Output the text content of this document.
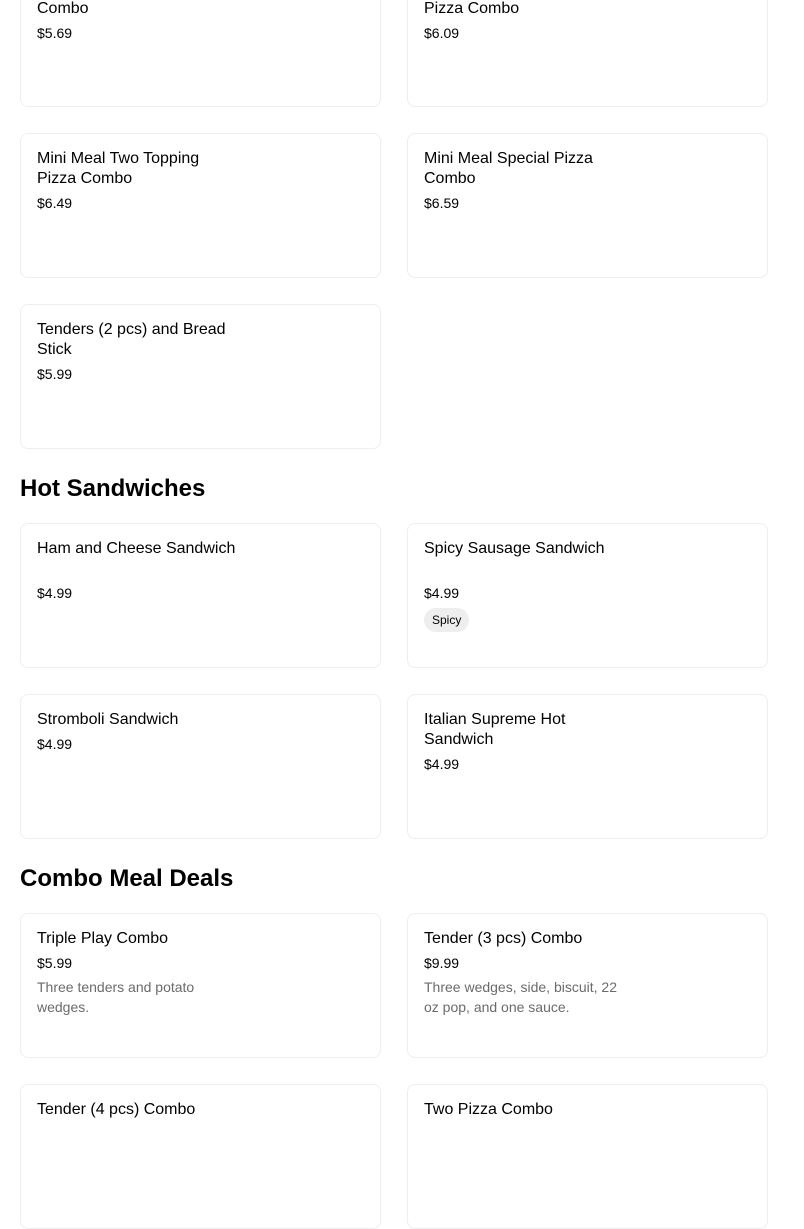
Combo
$5.69
Pizza Combo
$6.09
Mini Meal Two Topping Pizza Combo
$6.49
Mini Meal Special Pizza Combo
$6.59
Tenders (2 pcs) and Bread Stick
$5.99
Hot Sandwiches
Ham and Cheese Sandwich
$4.99
Spicy Sausage Sandwich
$4.99
Spicy
Stromboli Sandwich
$4.99
Italian Supreme Hot Sandwich
$4.99
Combo Meal Deals
Triple Play Combo
$5.99
Three tenders and potato wedges.
Tender (3 pcs) Combo
$9.99
Three wedges, side, biscuit, 22 oz pop, and one sauce.
Tender (4 pcs) Combo	Two Pizza Combo
